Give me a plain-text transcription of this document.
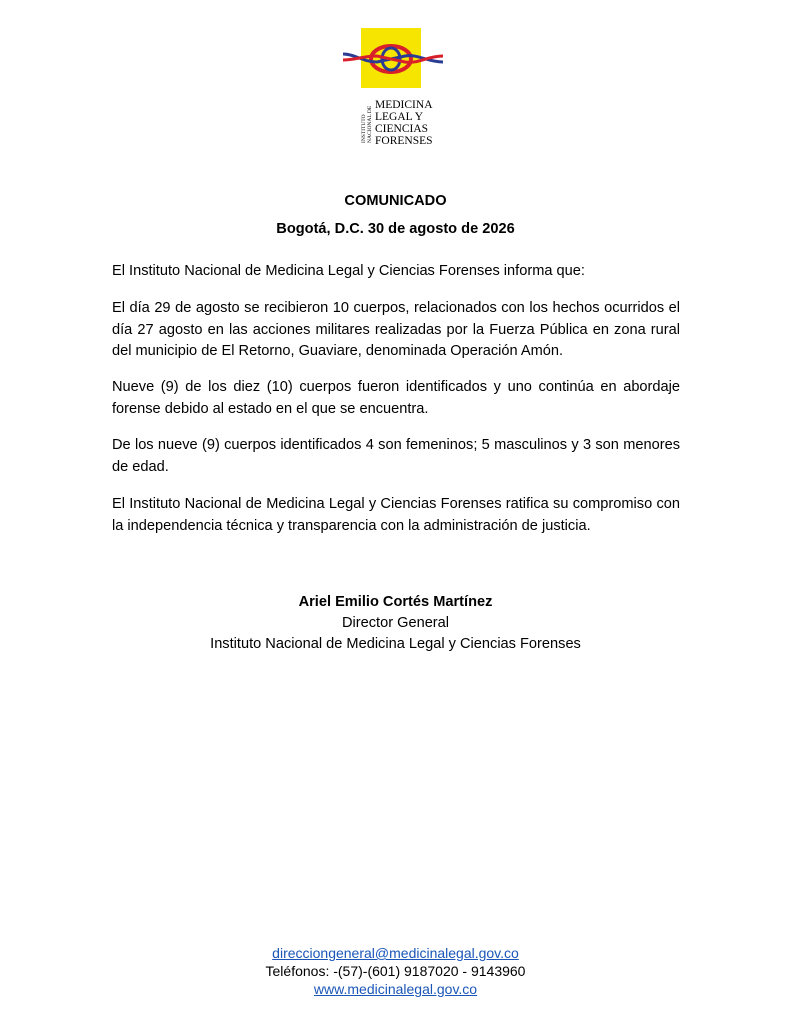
INSTITUTO NACIONAL DE
MEDICINA
LEGAL Y
CIENCIAS
FORENSES
COMUNICADO
Bogotá, D.C. 30 de agosto de 2026

El Instituto Nacional de Medicina Legal y Ciencias Forenses informa que:

El día 29 de agosto se recibieron 10 cuerpos, relacionados con los hechos ocurridos el día 27 agosto en las acciones militares realizadas por la Fuerza Pública en zona rural del municipio de El Retorno, Guaviare, denominada Operación Amón.

Nueve (9) de los diez (10) cuerpos fueron identificados y uno continúa en abordaje forense debido al estado en el que se encuentra.

De los nueve (9) cuerpos identificados 4 son femeninos; 5 masculinos y 3 son menores de edad.

El Instituto Nacional de Medicina Legal y Ciencias Forenses ratifica su compromiso con la independencia técnica y transparencia con la administración de justicia.

Ariel Emilio Cortés Martínez
Director General
Instituto Nacional de Medicina Legal y Ciencias Forenses
direcciongeneral@medicinalegal.gov.co
Teléfonos: -(57)-(601) 9187020 - 9143960
www.medicinalegal.gov.co
